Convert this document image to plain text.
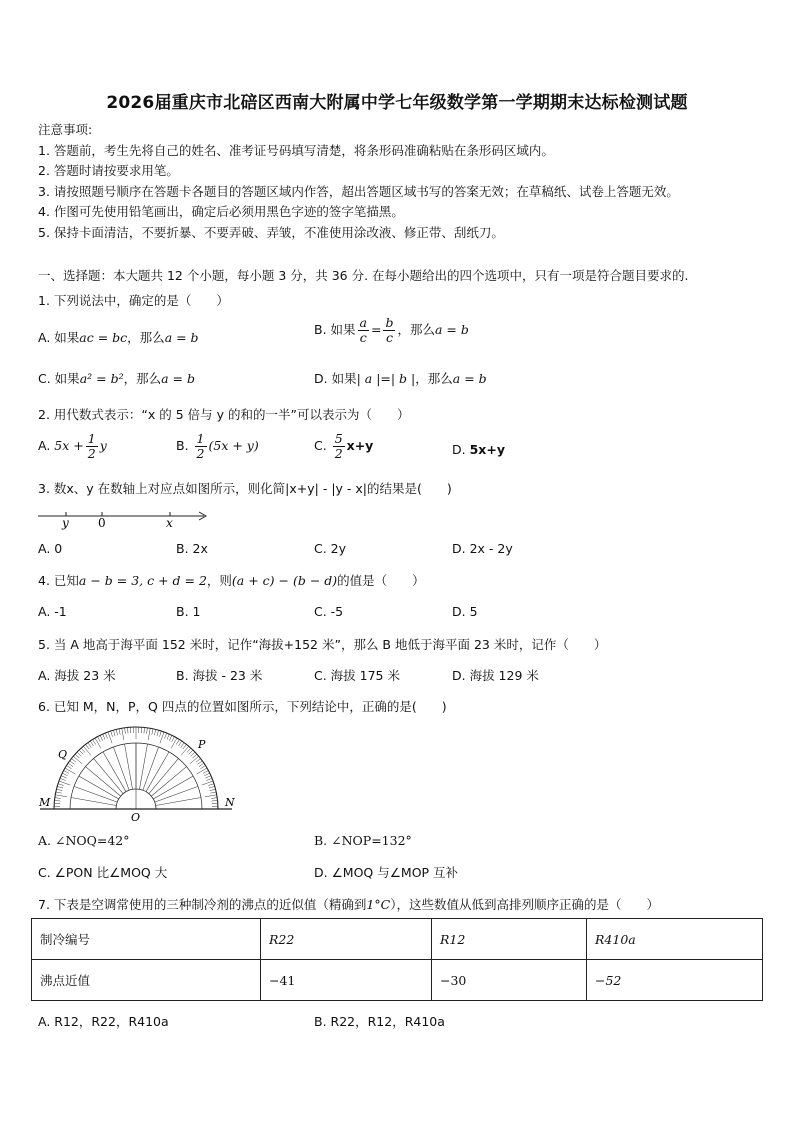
2026届重庆市北碚区西南大附属中学七年级数学第一学期期末达标检测试题
注意事项:
1. 答题前，考生先将自己的姓名、准考证号码填写清楚，将条形码准确粘贴在条形码区域内。
2. 答题时请按要求用笔。
3. 请按照题号顺序在答题卡各题目的答题区域内作答，超出答题区域书写的答案无效；在草稿纸、试卷上答题无效。
4. 作图可先使用铅笔画出，确定后必须用黑色字迹的签字笔描黑。
5. 保持卡面清洁，不要折暴、不要弄破、弄皱，不准使用涂改液、修正带、刮纸刀。
一、选择题：本大题共 12 个小题，每小题 3 分，共 36 分. 在每小题给出的四个选项中，只有一项是符合题目要求的.
1. 下列说法中，确定的是（　　）
A. 如果ac = bc，那么a = b
B. 如果 $\frac{a}{c} = \frac{b}{c}$ ，那么a = b
C. 如果a² = b²，那么a = b	D. 如果| a |=| b |，那么a = b
2. 用代数式表示：“x 的 5 倍与 y 的和的一半”可以表示为（　　）
A. $5x + \frac{1}{2}$ y	B. $\frac{1}{2} (5x + y)$	C. $\frac{5}{2} x+y$	D. 5x+y
3. 数x、y 在数轴上对应点如图所示，则化简|x+y| - |y - x|的结果是(　　)
y 0	x
A. 0	B. 2x	C. 2y	D. 2x - 2y
4. 已知a − b = 3, c + d = 2，则(a + c) − (b − d)的值是（　　）
A. -1	B. 1	C. -5	D. 5
5. 当 A 地高于海平面 152 米时，记作“海拔+152 米”，那么 B 地低于海平面 23 米时，记作（　　）
A. 海拔 23 米	B. 海拔 - 23 米	C. 海拔 175 米	D. 海拔 129 米
6. 已知 M，N，P，Q 四点的位置如图所示，下列结论中，正确的是(　　)
Q
P
M	N
O
A. ∠NOQ=42°	B. ∠NOP=132°
C. ∠PON 比∠MOQ 大	D. ∠MOQ 与∠MOP 互补
7. 下表是空调常使用的三种制冷剂的沸点的近似值（精确到1°C），这些数值从低到高排列顺序正确的是（　　）
制冷编号	R22	R12	R410a
沸点近值	−41	−30	−52
A. R12，R22，R410a	B. R22，R12，R410a
